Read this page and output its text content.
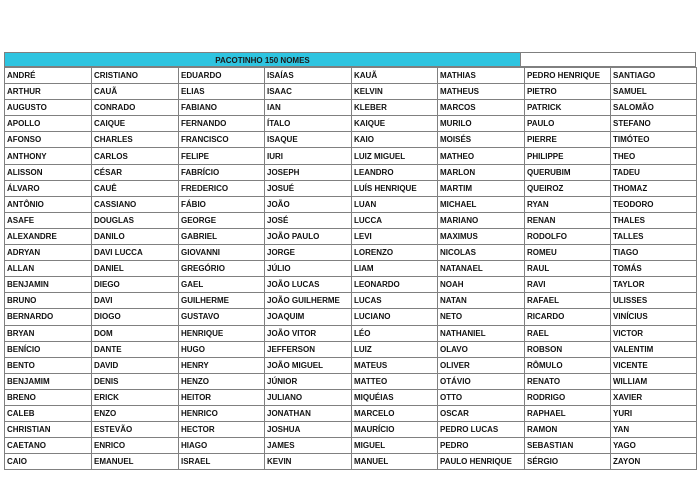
PACOTINHO 150 NOMES
ANDRÉ	CRISTIANO	EDUARDO	ISAÍAS	KAUÃ	MATHIAS	PEDRO HENRIQUE	SANTIAGO
ARTHUR	CAUÃ	ELIAS	ISAAC	KELVIN	MATHEUS	PIETRO	SAMUEL
AUGUSTO	CONRADO	FABIANO	IAN	KLEBER	MARCOS	PATRICK	SALOMÃO
APOLLO	CAIQUE	FERNANDO	ÍTALO	KAIQUE	MURILO	PAULO	STEFANO
AFONSO	CHARLES	FRANCISCO	ISAQUE	KAIO	MOISÉS	PIERRE	TIMÓTEO
ANTHONY	CARLOS	FELIPE	IURI	LUIZ MIGUEL	MATHEO	PHILIPPE	THEO
ALISSON	CÉSAR	FABRÍCIO	JOSEPH	LEANDRO	MARLON	QUERUBIM	TADEU
ÁLVARO	CAUÊ	FREDERICO	JOSUÉ	LUÍS HENRIQUE	MARTIM	QUEIROZ	THOMAZ
ANTÔNIO	CASSIANO	FÁBIO	JOÃO	LUAN	MICHAEL	RYAN	TEODORO
ASAFE	DOUGLAS	GEORGE	JOSÉ	LUCCA	MARIANO	RENAN	THALES
ALEXANDRE	DANILO	GABRIEL	JOÃO PAULO	LEVI	MAXIMUS	RODOLFO	TALLES
ADRYAN	DAVI LUCCA	GIOVANNI	JORGE	LORENZO	NICOLAS	ROMEU	TIAGO
ALLAN	DANIEL	GREGÓRIO	JÚLIO	LIAM	NATANAEL	RAUL	TOMÁS
BENJAMIN	DIEGO	GAEL	JOÃO LUCAS	LEONARDO	NOAH	RAVI	TAYLOR
BRUNO	DAVI	GUILHERME	JOÃO GUILHERME	LUCAS	NATAN	RAFAEL	ULISSES
BERNARDO	DIOGO	GUSTAVO	JOAQUIM	LUCIANO	NETO	RICARDO	VINÍCIUS
BRYAN	DOM	HENRIQUE	JOÃO VITOR	LÉO	NATHANIEL	RAEL	VICTOR
BENÍCIO	DANTE	HUGO	JEFFERSON	LUIZ	OLAVO	ROBSON	VALENTIM
BENTO	DAVID	HENRY	JOÃO MIGUEL	MATEUS	OLIVER	RÔMULO	VICENTE
BENJAMIM	DENIS	HENZO	JÚNIOR	MATTEO	OTÁVIO	RENATO	WILLIAM
BRENO	ERICK	HEITOR	JULIANO	MIQUÉIAS	OTTO	RODRIGO	XAVIER
CALEB	ENZO	HENRICO	JONATHAN	MARCELO	OSCAR	RAPHAEL	YURI
CHRISTIAN	ESTEVÃO	HECTOR	JOSHUA	MAURÍCIO	PEDRO LUCAS	RAMON	YAN
CAETANO	ENRICO	HIAGO	JAMES	MIGUEL	PEDRO	SEBASTIAN	YAGO
CAIO	EMANUEL	ISRAEL	KEVIN	MANUEL	PAULO HENRIQUE	SÉRGIO	ZAYON
